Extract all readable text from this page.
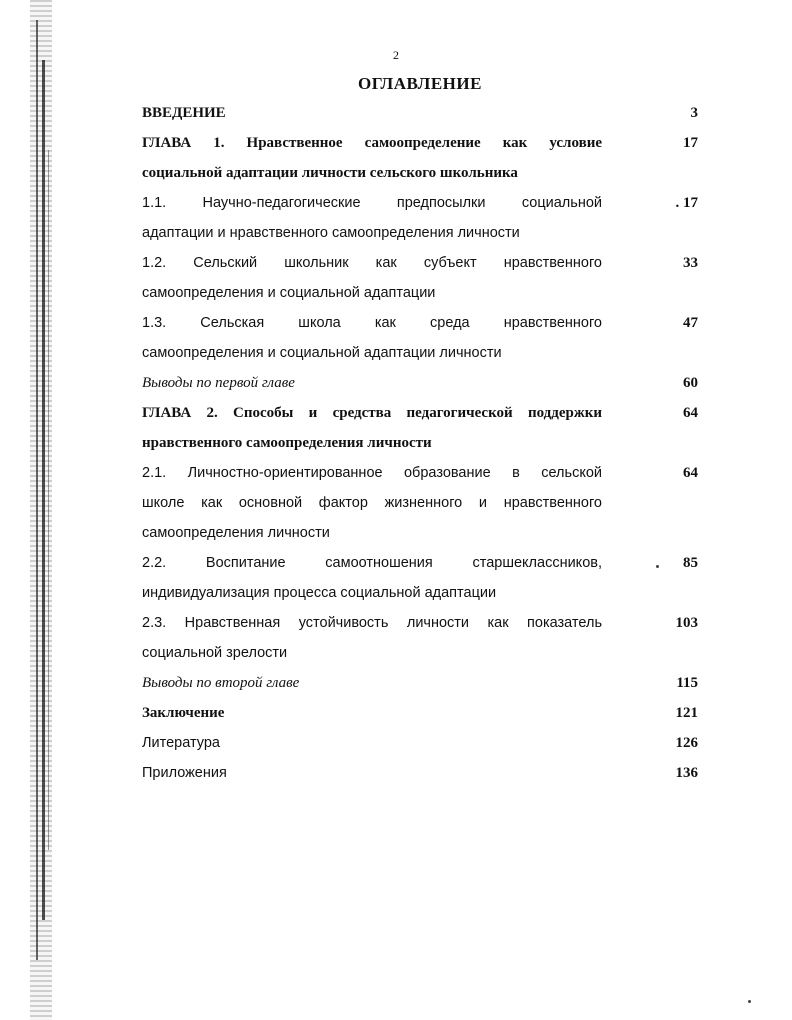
2
ОГЛАВЛЕНИЕ
ВВЕДЕНИЕ	3
ГЛАВА 1. Нравственное самоопределение как условие
социальной адаптации личности сельского школьника
17
1.1. Научно-педагогические предпосылки социальной
адаптации и нравственного самоопределения личности
. 17
1.2. Сельский школьник как субъект нравственного
самоопределения и социальной адаптации
33
1.3. Сельская школа как среда нравственного
самоопределения и социальной адаптации личности
47
Выводы по первой главе	60
ГЛАВА 2. Способы и средства педагогической поддержки
нравственного самоопределения личности
64
2.1. Личностно-ориентированное образование в сельской
школе как основной фактор жизненного и нравственного
самоопределения личности
64
2.2. Воспитание самоотношения старшеклассников,
индивидуализация процесса социальной адаптации
85
2.3. Нравственная устойчивость личности как показатель
социальной зрелости
103
Выводы по второй главе	115
Заключение	121
Литература	126
Приложения	136
